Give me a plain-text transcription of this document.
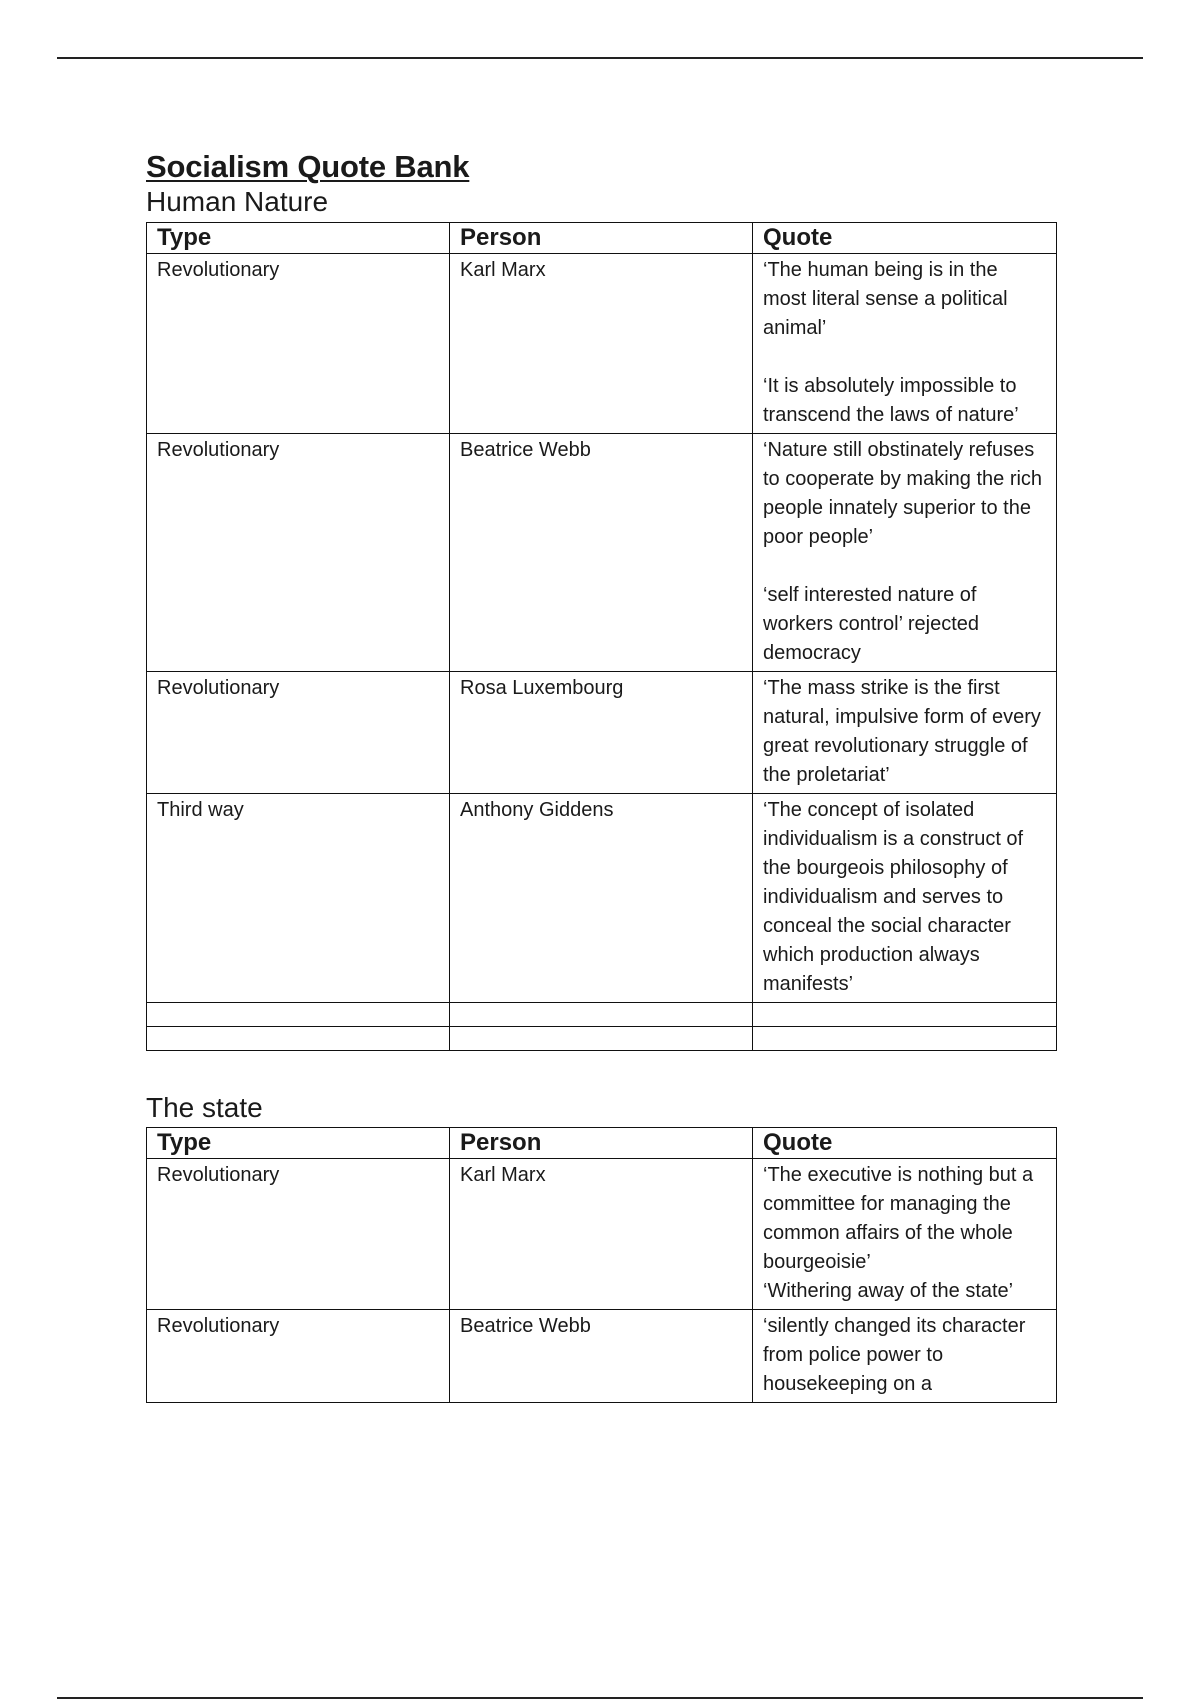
Socialism Quote Bank
Human Nature
Type	Person	Quote
Revolutionary	Karl Marx	‘The human being is in the most literal sense a political animal’

‘It is absolutely impossible to transcend the laws of nature’

Revolutionary	Beatrice Webb	‘Nature still obstinately refuses to cooperate by making the rich people innately superior to the poor people’

‘self interested nature of workers control’ rejected democracy

Revolutionary	Rosa Luxembourg	‘The mass strike is the first natural, impulsive form of every great revolutionary struggle of the proletariat’

Third way	Anthony Giddens	‘The concept of isolated individualism is a construct of the bourgeois philosophy of individualism and serves to conceal the social character which production always manifests’

The state
Type	Person	Quote
Revolutionary	Karl Marx	‘The executive is nothing but a committee for managing the common affairs of the whole bourgeoisie’
‘Withering away of the state’

Revolutionary	Beatrice Webb	‘silently changed its character from police power to housekeeping on a
